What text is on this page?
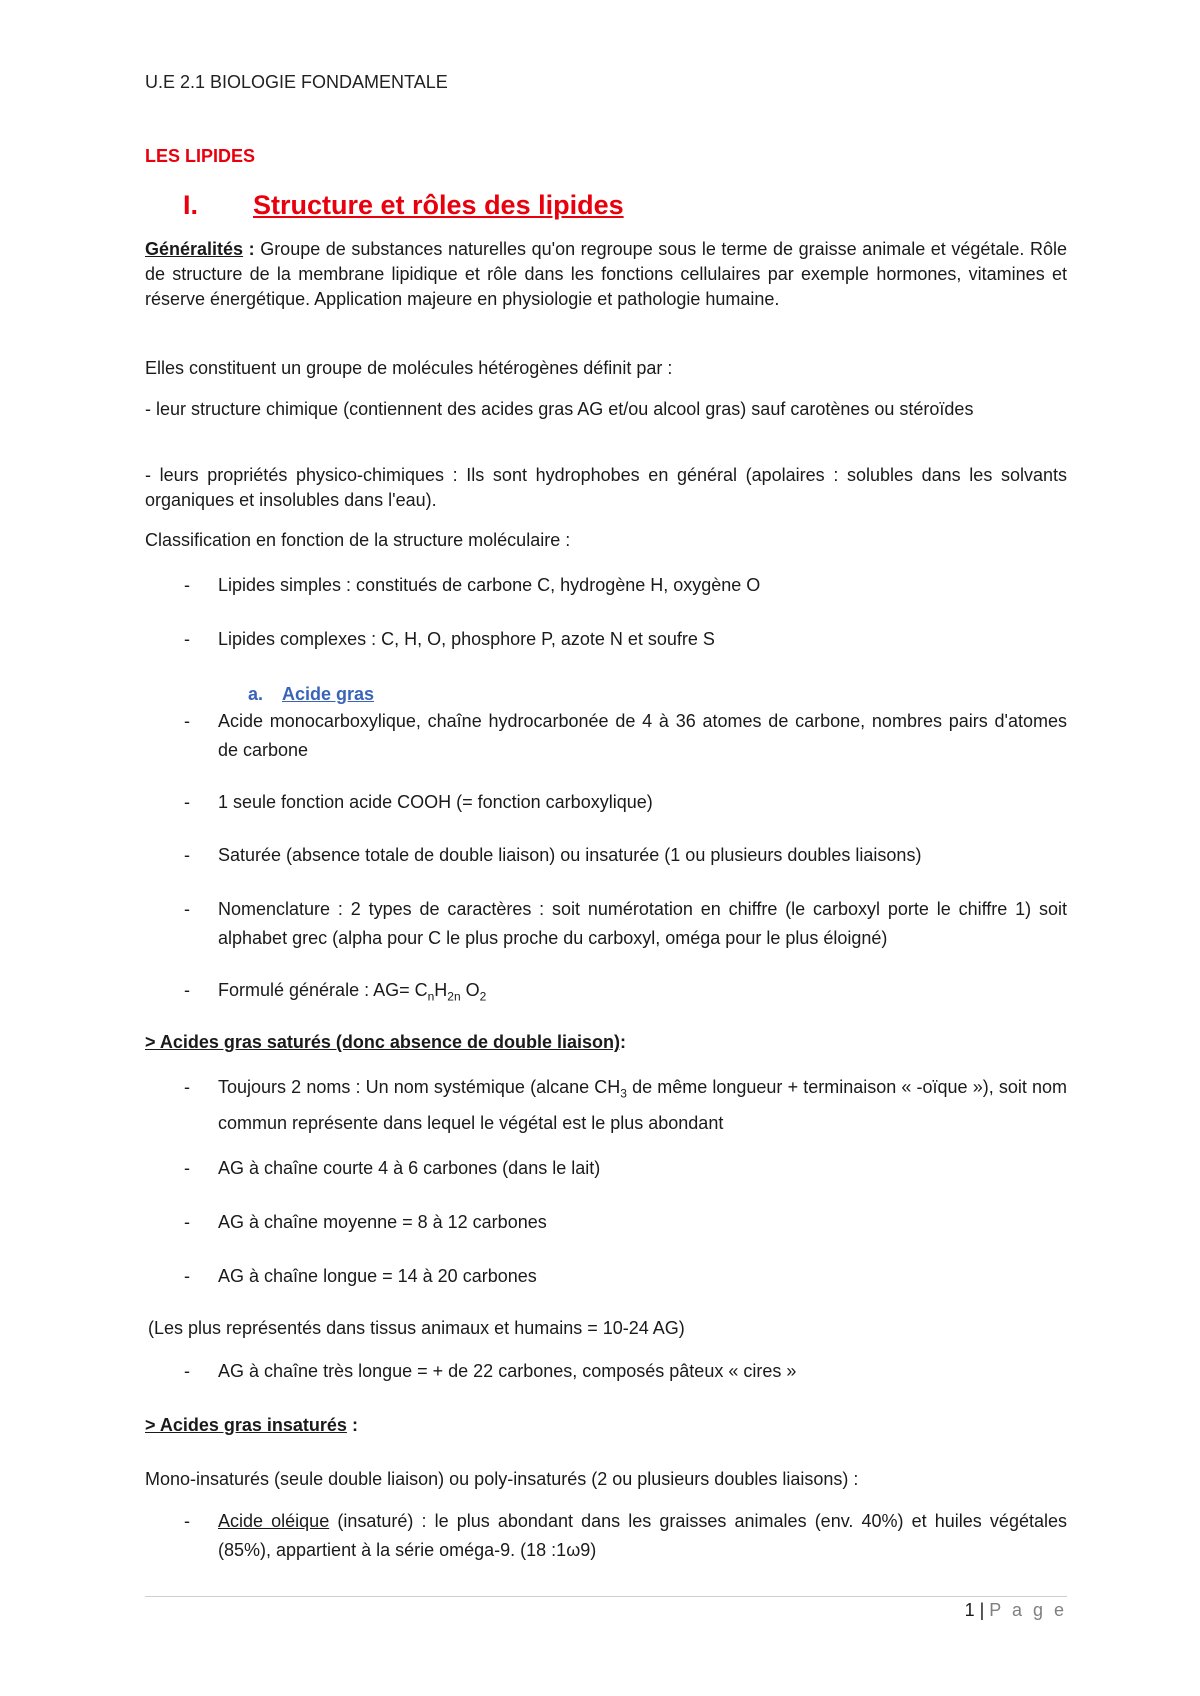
U.E 2.1 BIOLOGIE FONDAMENTALE
LES LIPIDES
I. Structure et rôles des lipides
Généralités : Groupe de substances naturelles qu'on regroupe sous le terme de graisse animale et végétale. Rôle de structure de la membrane lipidique et rôle dans les fonctions cellulaires par exemple hormones, vitamines et réserve énergétique. Application majeure en physiologie et pathologie humaine.
Elles constituent un groupe de molécules hétérogènes définit par :
- leur structure chimique (contiennent des acides gras AG et/ou alcool gras) sauf carotènes ou stéroïdes
- leurs propriétés physico-chimiques : Ils sont hydrophobes en général (apolaires : solubles dans les solvants organiques et insolubles dans l'eau).
Classification en fonction de la structure moléculaire :
- Lipides simples : constitués de carbone C, hydrogène H, oxygène O
- Lipides complexes : C, H, O, phosphore P, azote N et soufre S
a. Acide gras
- Acide monocarboxylique, chaîne hydrocarbonée de 4 à 36 atomes de carbone, nombres pairs d'atomes de carbone
- 1 seule fonction acide COOH (= fonction carboxylique)
- Saturée (absence totale de double liaison) ou insaturée (1 ou plusieurs doubles liaisons)
- Nomenclature : 2 types de caractères : soit numérotation en chiffre (le carboxyl porte le chiffre 1) soit alphabet grec (alpha pour C le plus proche du carboxyl, oméga pour le plus éloigné)
- Formulé générale : $AG= C_nH_{2n}$ $O_2$
> Acides gras saturés (donc absence de double liaison):
- Toujours 2 noms : Un nom systémique (alcane $CH_3$ de même longueur + terminaison « -oïque »), soit nom commun représente dans lequel le végétal est le plus abondant
- AG à chaîne courte 4 à 6 carbones (dans le lait)
- AG à chaîne moyenne = 8 à 12 carbones
- AG à chaîne longue = 14 à 20 carbones
(Les plus représentés dans tissus animaux et humains = 10-24 AG)
- AG à chaîne très longue = + de 22 carbones, composés pâteux « cires »
> Acides gras insaturés :
Mono-insaturés (seule double liaison) ou poly-insaturés (2 ou plusieurs doubles liaisons) :
- Acide oléique (insaturé) : le plus abondant dans les graisses animales (env. 40%) et huiles végétales (85%), appartient à la série oméga-9. (18 :1ω9)
1 | P a g e
